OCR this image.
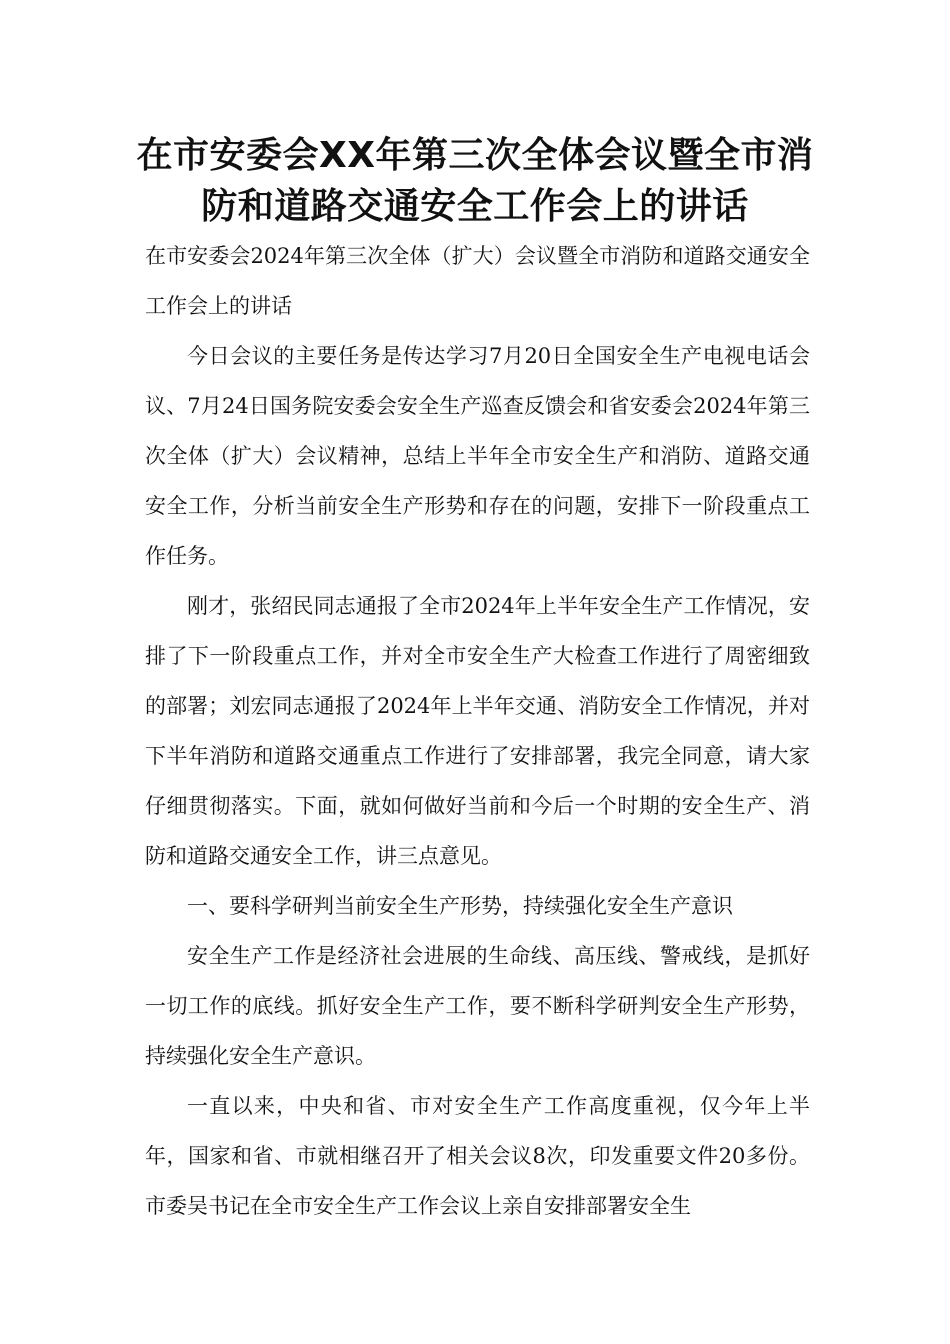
在市安委会XX年第三次全体会议暨全市消防和道路交通安全工作会上的讲话

在市安委会2024年第三次全体（扩大）会议暨全市消防和道路交通安全工作会上的讲话

今日会议的主要任务是传达学习7月20日全国安全生产电视电话会议、7月24日国务院安委会安全生产巡查反馈会和省安委会2024年第三次全体（扩大）会议精神，总结上半年全市安全生产和消防、道路交通安全工作，分析当前安全生产形势和存在的问题，安排下一阶段重点工作任务。

刚才，张绍民同志通报了全市2024年上半年安全生产工作情况，安排了下一阶段重点工作，并对全市安全生产大检查工作进行了周密细致的部署；刘宏同志通报了2024年上半年交通、消防安全工作情况，并对下半年消防和道路交通重点工作进行了安排部署，我完全同意，请大家仔细贯彻落实。下面，就如何做好当前和今后一个时期的安全生产、消防和道路交通安全工作，讲三点意见。

一、要科学研判当前安全生产形势，持续强化安全生产意识

安全生产工作是经济社会进展的生命线、高压线、警戒线，是抓好一切工作的底线。抓好安全生产工作，要不断科学研判安全生产形势，持续强化安全生产意识。

一直以来，中央和省、市对安全生产工作高度重视，仅今年上半年，国家和省、市就相继召开了相关会议8次，印发重要文件20多份。市委吴书记在全市安全生产工作会议上亲自安排部署安全生
